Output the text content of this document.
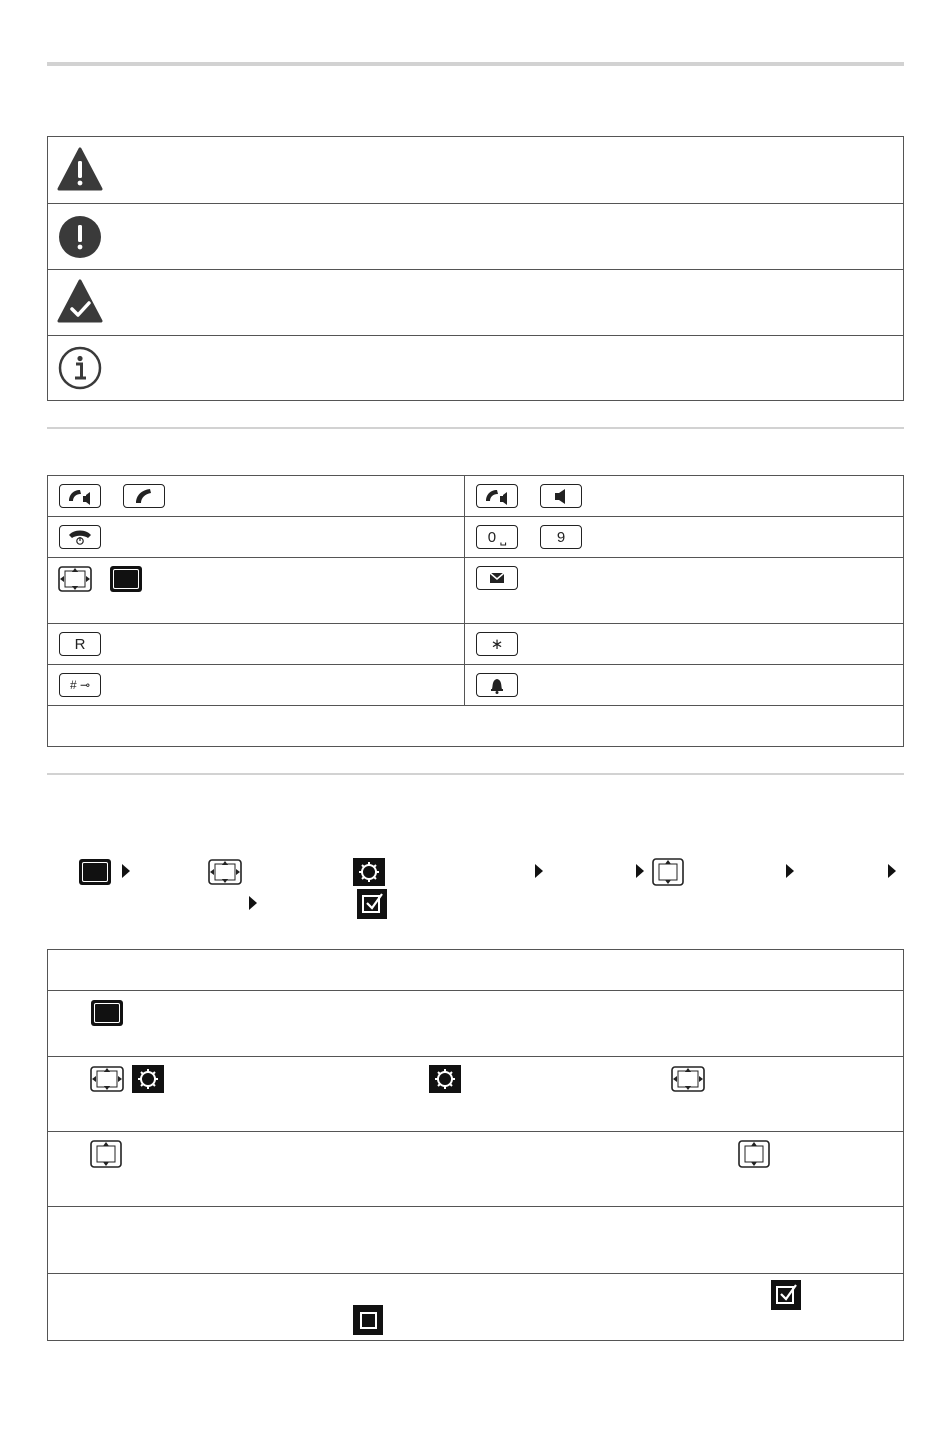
0 ⎵	9
R	∗
# ⊸
